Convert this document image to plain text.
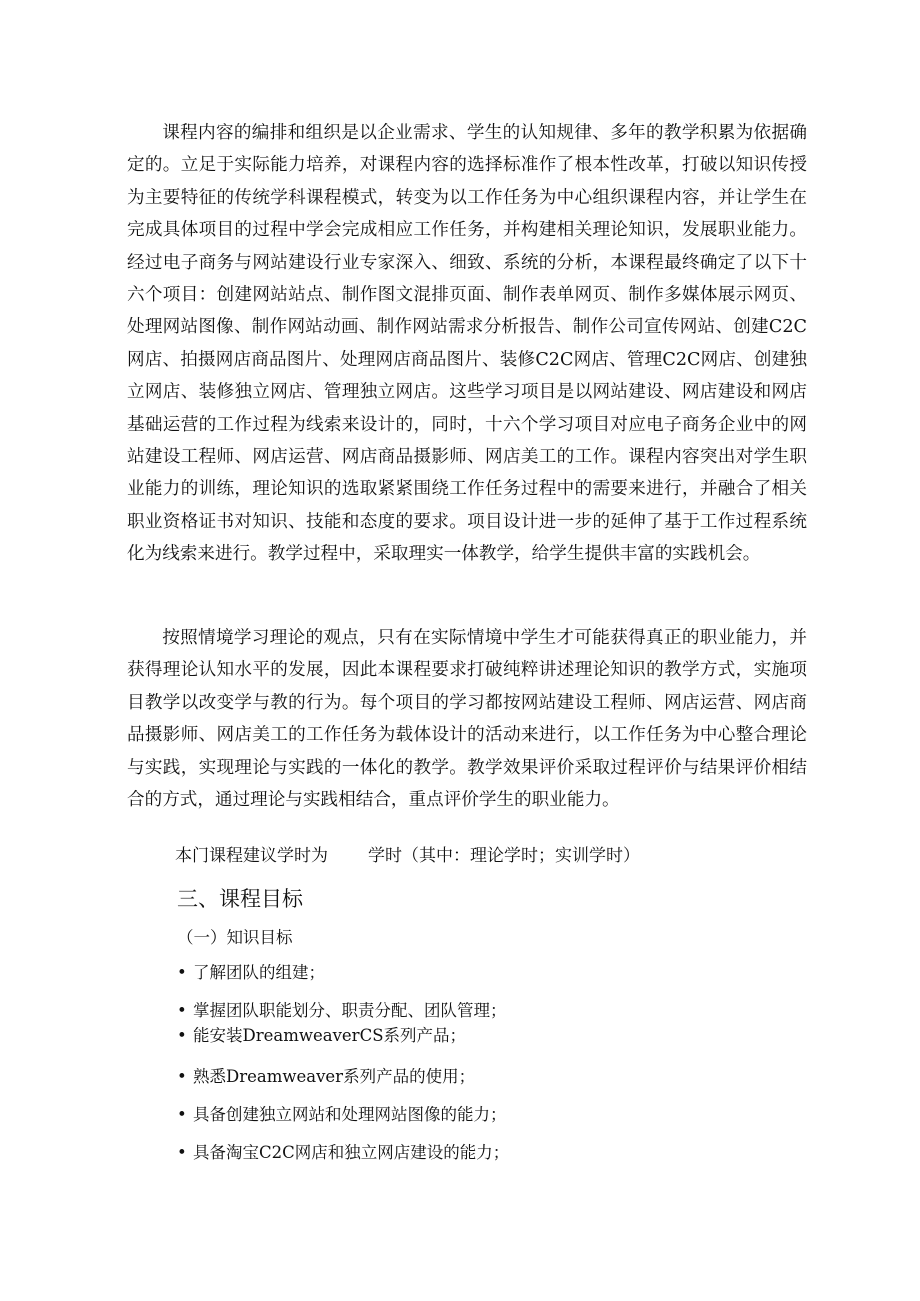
课程内容的编排和组织是以企业需求、学生的认知规律、多年的教学积累为依据确定的。立足于实际能力培养，对课程内容的选择标准作了根本性改革，打破以知识传授为主要特征的传统学科课程模式，转变为以工作任务为中心组织课程内容，并让学生在完成具体项目的过程中学会完成相应工作任务，并构建相关理论知识，发展职业能力。经过电子商务与网站建设行业专家深入、细致、系统的分析，本课程最终确定了以下十六个项目：创建网站站点、制作图文混排页面、制作表单网页、制作多媒体展示网页、处理网站图像、制作网站动画、制作网站需求分析报告、制作公司宣传网站、创建C2C网店、拍摄网店商品图片、处理网店商品图片、装修C2C网店、管理C2C网店、创建独立网店、装修独立网店、管理独立网店。这些学习项目是以网站建设、网店建设和网店基础运营的工作过程为线索来设计的，同时，十六个学习项目对应电子商务企业中的网站建设工程师、网店运营、网店商品摄影师、网店美工的工作。课程内容突出对学生职业能力的训练，理论知识的选取紧紧围绕工作任务过程中的需要来进行，并融合了相关职业资格证书对知识、技能和态度的要求。项目设计进一步的延伸了基于工作过程系统化为线索来进行。教学过程中，采取理实一体教学，给学生提供丰富的实践机会。

按照情境学习理论的观点，只有在实际情境中学生才可能获得真正的职业能力，并获得理论认知水平的发展，因此本课程要求打破纯粹讲述理论知识的教学方式，实施项目教学以改变学与教的行为。每个项目的学习都按网站建设工程师、网店运营、网店商品摄影师、网店美工的工作任务为载体设计的活动来进行，以工作任务为中心整合理论与实践，实现理论与实践的一体化的教学。教学效果评价采取过程评价与结果评价相结合的方式，通过理论与实践相结合，重点评价学生的职业能力。

本门课程建议学时为 学时（其中：理论学时；实训学时）
三、课程目标
（一）知识目标
• 了解团队的组建；
• 掌握团队职能划分、职责分配、团队管理；
• 能安装DreamweaverCS系列产品；
• 熟悉Dreamweaver系列产品的使用；
• 具备创建独立网站和处理网站图像的能力；
• 具备淘宝C2C网店和独立网店建设的能力；
